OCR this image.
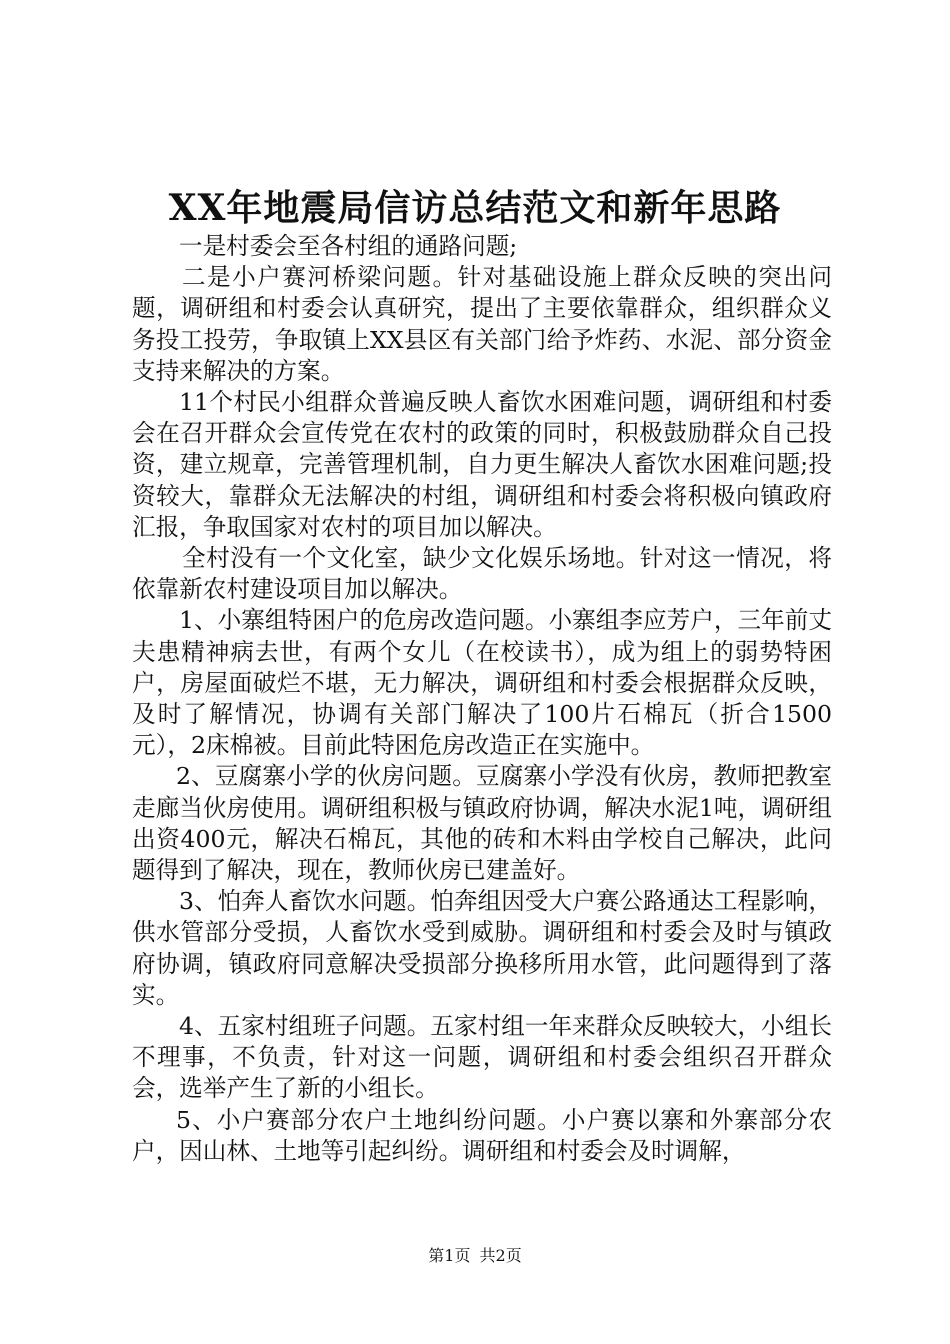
XX年地震局信访总结范文和新年思路

一是村委会至各村组的通路问题;

二是小户赛河桥梁问题。针对基础设施上群众反映的突出问题，调研组和村委会认真研究，提出了主要依靠群众，组织群众义务投工投劳，争取镇上XX县区有关部门给予炸药、水泥、部分资金支持来解决的方案。

11个村民小组群众普遍反映人畜饮水困难问题，调研组和村委会在召开群众会宣传党在农村的政策的同时，积极鼓励群众自己投资，建立规章，完善管理机制，自力更生解决人畜饮水困难问题;投资较大，靠群众无法解决的村组，调研组和村委会将积极向镇政府汇报，争取国家对农村的项目加以解决。

全村没有一个文化室，缺少文化娱乐场地。针对这一情况，将依靠新农村建设项目加以解决。

1、小寨组特困户的危房改造问题。小寨组李应芳户，三年前丈夫患精神病去世，有两个女儿（在校读书），成为组上的弱势特困户，房屋面破烂不堪，无力解决，调研组和村委会根据群众反映，及时了解情况，协调有关部门解决了100片石棉瓦（折合1500元），2床棉被。目前此特困危房改造正在实施中。

2、豆腐寨小学的伙房问题。豆腐寨小学没有伙房，教师把教室走廊当伙房使用。调研组积极与镇政府协调，解决水泥1吨，调研组出资400元，解决石棉瓦，其他的砖和木料由学校自己解决，此问题得到了解决，现在，教师伙房已建盖好。

3、怕奔人畜饮水问题。怕奔组因受大户赛公路通达工程影响，供水管部分受损，人畜饮水受到威胁。调研组和村委会及时与镇政府协调，镇政府同意解决受损部分换移所用水管，此问题得到了落实。

4、五家村组班子问题。五家村组一年来群众反映较大，小组长不理事，不负责，针对这一问题，调研组和村委会组织召开群众会，选举产生了新的小组长。

5、小户赛部分农户土地纠纷问题。小户赛以寨和外寨部分农户，因山林、土地等引起纠纷。调研组和村委会及时调解，

第1页 共2页
